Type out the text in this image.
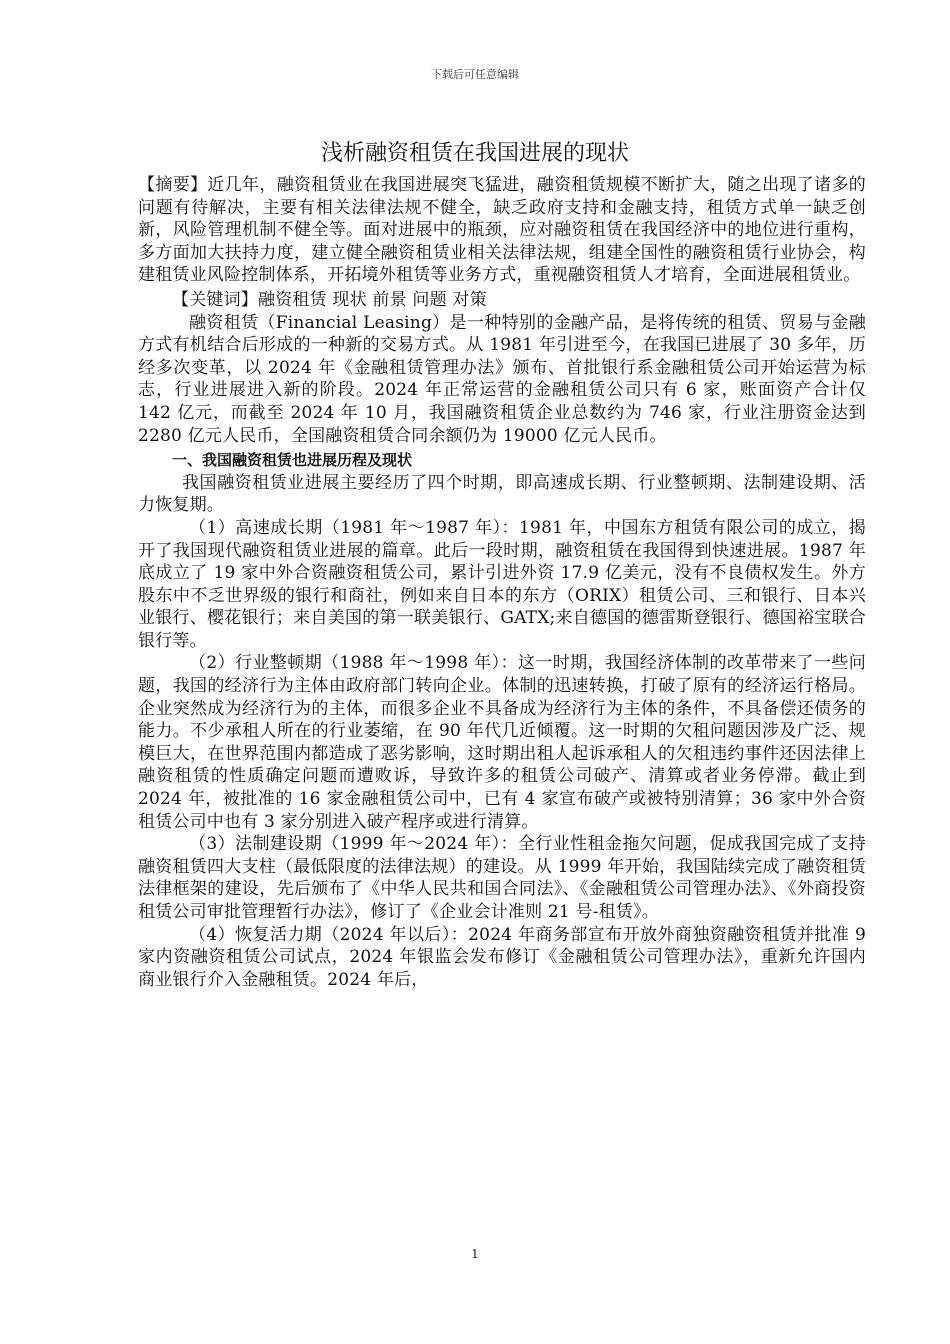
下载后可任意编辑
浅析融资租赁在我国进展的现状

【摘要】近几年，融资租赁业在我国进展突飞猛进，融资租赁规模不断扩大，随之出现了诸多的问题有待解决，主要有相关法律法规不健全，缺乏政府支持和金融支持，租赁方式单一缺乏创新，风险管理机制不健全等。面对进展中的瓶颈，应对融资租赁在我国经济中的地位进行重构，多方面加大扶持力度，建立健全融资租赁业相关法律法规，组建全国性的融资租赁行业协会，构建租赁业风险控制体系，开拓境外租赁等业务方式，重视融资租赁人才培育，全面进展租赁业。

【关键词】融资租赁 现状 前景 问题 对策

融资租赁（Financial Leasing）是一种特别的金融产品，是将传统的租赁、贸易与金融方式有机结合后形成的一种新的交易方式。从 1981 年引进至今，在我国已进展了 30 多年，历经多次变革，以 2024 年《金融租赁管理办法》颁布、首批银行系金融租赁公司开始运营为标志，行业进展进入新的阶段。2024 年正常运营的金融租赁公司只有 6 家，账面资产合计仅 142 亿元，而截至 2024 年 10 月，我国融资租赁企业总数约为 746 家，行业注册资金达到 2280 亿元人民币，全国融资租赁合同余额仍为 19000 亿元人民币。

一、我国融资租赁也进展历程及现状

我国融资租赁业进展主要经历了四个时期，即高速成长期、行业整顿期、法制建设期、活力恢复期。

（1）高速成长期（1981 年～1987 年）：1981 年，中国东方租赁有限公司的成立，揭开了我国现代融资租赁业进展的篇章。此后一段时期，融资租赁在我国得到快速进展。1987 年底成立了 19 家中外合资融资租赁公司，累计引进外资 17.9 亿美元，没有不良债权发生。外方股东中不乏世界级的银行和商社，例如来自日本的东方（ORIX）租赁公司、三和银行、日本兴业银行、樱花银行；来自美国的第一联美银行、GATX;来自德国的德雷斯登银行、德国裕宝联合银行等。

（2）行业整顿期（1988 年～1998 年）：这一时期，我国经济体制的改革带来了一些问题，我国的经济行为主体由政府部门转向企业。体制的迅速转换，打破了原有的经济运行格局。企业突然成为经济行为的主体，而很多企业不具备成为经济行为主体的条件，不具备偿还债务的能力。不少承租人所在的行业萎缩，在 90 年代几近倾覆。这一时期的欠租问题因涉及广泛、规模巨大，在世界范围内都造成了恶劣影响，这时期出租人起诉承租人的欠租违约事件还因法律上融资租赁的性质确定问题而遭败诉，导致许多的租赁公司破产、清算或者业务停滞。截止到 2024 年，被批准的 16 家金融租赁公司中，已有 4 家宣布破产或被特别清算；36 家中外合资租赁公司中也有 3 家分别进入破产程序或进行清算。

（3）法制建设期（1999 年～2024 年）：全行业性租金拖欠问题，促成我国完成了支持融资租赁四大支柱（最低限度的法律法规）的建设。从 1999 年开始，我国陆续完成了融资租赁法律框架的建设，先后颁布了《中华人民共和国合同法》、《金融租赁公司管理办法》、《外商投资租赁公司审批管理暂行办法》，修订了《企业会计准则 21 号-租赁》。

（4）恢复活力期（2024 年以后）：2024 年商务部宣布开放外商独资融资租赁并批准 9 家内资融资租赁公司试点，2024 年银监会发布修订《金融租赁公司管理办法》，重新允许国内商业银行介入金融租赁。2024 年后，

1
